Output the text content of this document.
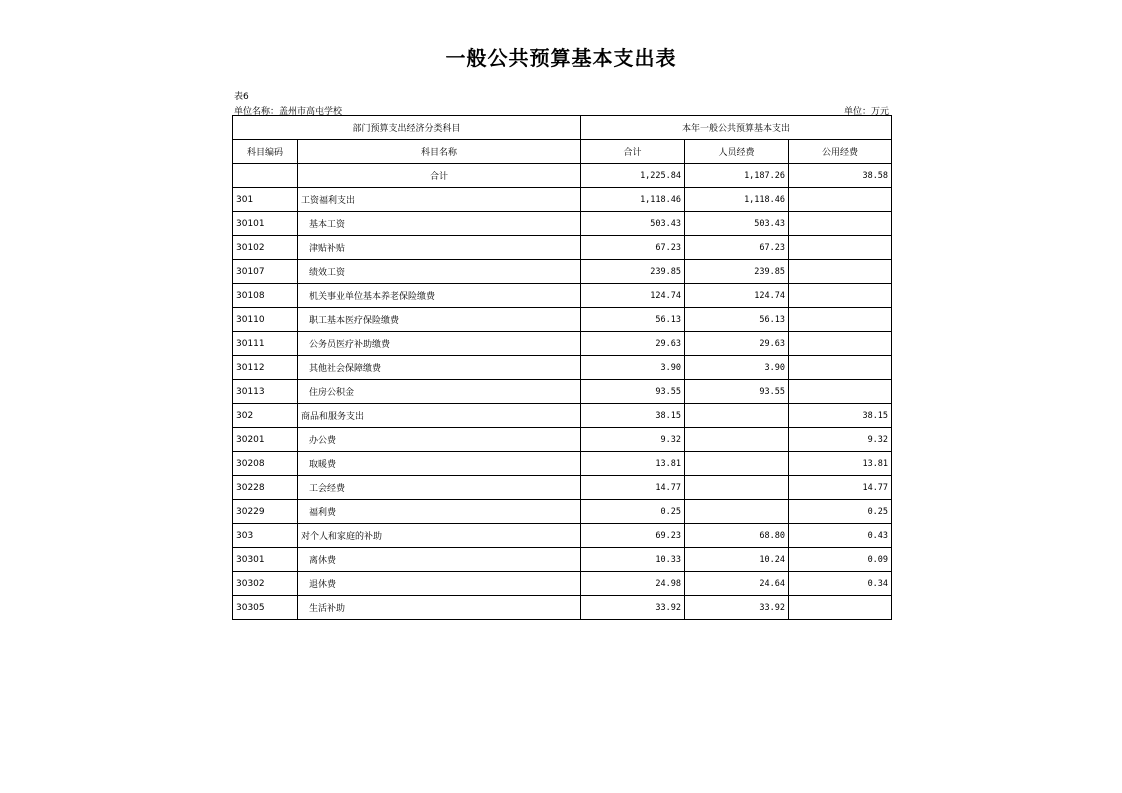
一般公共预算基本支出表
表6
单位名称：盖州市高屯学校	单位：万元
部门预算支出经济分类科目		本年一般公共预算基本支出		
科目编码	科目名称	合计	人员经费	公用经费
	合计	1,225.84	1,187.26	38.58
301	工资福利支出	1,118.46	1,118.46	
30101	基本工资	503.43	503.43	
30102	津贴补贴	67.23	67.23	
30107	绩效工资	239.85	239.85	
30108	机关事业单位基本养老保险缴费	124.74	124.74	
30110	职工基本医疗保险缴费	56.13	56.13	
30111	公务员医疗补助缴费	29.63	29.63	
30112	其他社会保障缴费	3.90	3.90	
30113	住房公积金	93.55	93.55	
302	商品和服务支出	38.15		38.15
30201	办公费	9.32		9.32
30208	取暖费	13.81		13.81
30228	工会经费	14.77		14.77
30229	福利费	0.25		0.25
303	对个人和家庭的补助	69.23	68.80	0.43
30301	离休费	10.33	10.24	0.09
30302	退休费	24.98	24.64	0.34
30305	生活补助	33.92	33.92	
